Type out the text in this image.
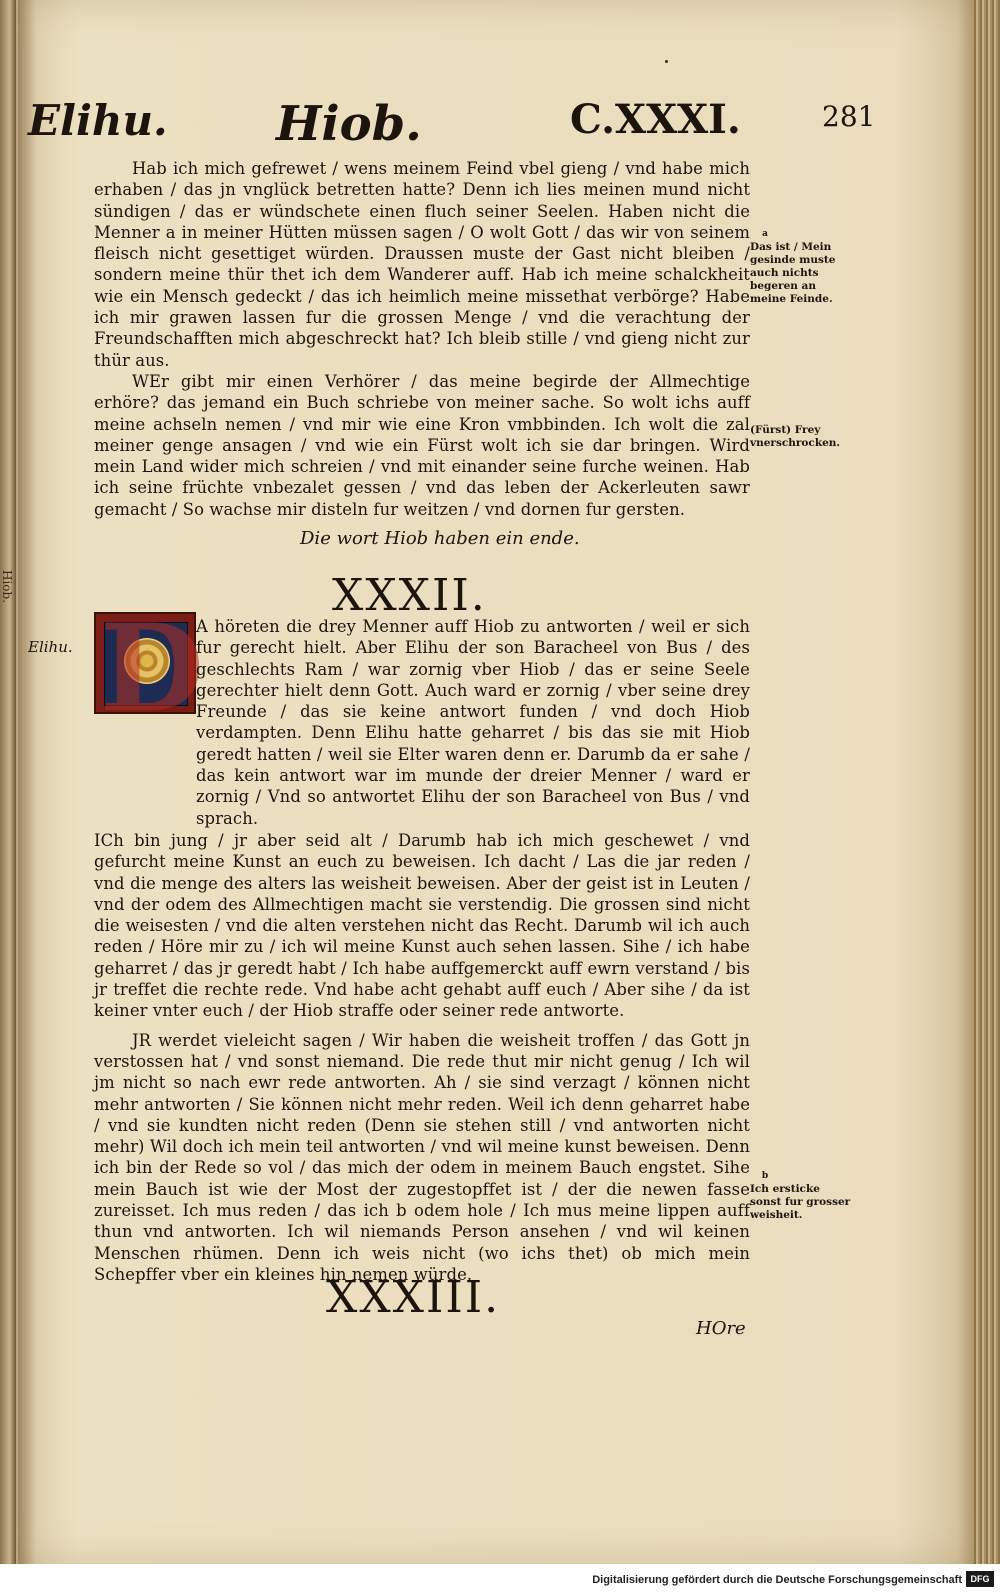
Hiob.
Elihu. Hiob.	C.XXXI.	281

Hab ich mich gefrewet / wens meinem Feind vbel gieng / vnd habe mich erhaben / das jn vnglück betretten hatte? Denn ich lies meinen mund nicht sündigen / das er wündschete einen fluch seiner Seelen. Haben nicht die Menner a in meiner Hütten müssen sagen / O wolt Gott / das wir von seinem fleisch nicht gesettiget würden. Draussen muste der Gast nicht bleiben / sondern meine thür thet ich dem Wanderer auff. Hab ich meine schalckheit wie ein Mensch gedeckt / das ich heimlich meine missethat verbörge? Habe ich mir grawen lassen fur die grossen Menge / vnd die verachtung der Freundschafften mich abgeschreckt hat? Ich bleib stille / vnd gieng nicht zur thür aus.

WEr gibt mir einen Verhörer / das meine begirde der Allmechtige erhöre? das jemand ein Buch schriebe von meiner sache. So wolt ichs auff meine achseln nemen / vnd mir wie eine Kron vmbbinden. Ich wolt die zal meiner genge ansagen / vnd wie ein Fürst wolt ich sie dar bringen. Wird mein Land wider mich schreien / vnd mit einander seine furche weinen. Hab ich seine früchte vnbezalet gessen / vnd das leben der Ackerleuten sawr gemacht / So wachse mir disteln fur weitzen / vnd dornen fur gersten.

a
Das ist / Mein gesinde muste auch nichts begeren an meine Feinde.
(Fürst) Frey vnerschrocken.
Die wort Hiob haben ein ende.
XXXII.
Elihu. D

A höreten die drey Menner auff Hiob zu antworten / weil er sich fur gerecht hielt. Aber Elihu der son Baracheel von Bus / des geschlechts Ram / war zornig vber Hiob / das er seine Seele gerechter hielt denn Gott. Auch ward er zornig / vber seine drey Freunde / das sie keine antwort funden / vnd doch Hiob verdampten. Denn Elihu hatte geharret / bis das sie mit Hiob geredt hatten / weil sie Elter waren denn er. Darumb da er sahe / das kein antwort war im munde der dreier Menner / ward er zornig / Vnd so antwortet Elihu der son Baracheel von Bus / vnd sprach.

ICh bin jung / jr aber seid alt / Darumb hab ich mich geschewet / vnd gefurcht meine Kunst an euch zu beweisen. Ich dacht / Las die jar reden / vnd die menge des alters las weisheit beweisen. Aber der geist ist in Leuten / vnd der odem des Allmechtigen macht sie verstendig. Die grossen sind nicht die weisesten / vnd die alten verstehen nicht das Recht. Darumb wil ich auch reden / Höre mir zu / ich wil meine Kunst auch sehen lassen. Sihe / ich habe geharret / das jr geredt habt / Ich habe auffgemerckt auff ewrn verstand / bis jr treffet die rechte rede. Vnd habe acht gehabt auff euch / Aber sihe / da ist keiner vnter euch / der Hiob straffe oder seiner rede antworte.

JR werdet vieleicht sagen / Wir haben die weisheit troffen / das Gott jn verstossen hat / vnd sonst niemand. Die rede thut mir nicht genug / Ich wil jm nicht so nach ewr rede antworten. Ah / sie sind verzagt / können nicht mehr antworten / Sie können nicht mehr reden. Weil ich denn geharret habe / vnd sie kundten nicht reden (Denn sie stehen still / vnd antworten nicht mehr) Wil doch ich mein teil antworten / vnd wil meine kunst beweisen. Denn ich bin der Rede so vol / das mich der odem in meinem Bauch engstet. Sihe mein Bauch ist wie der Most der zugestopffet ist / der die newen fasse zureisset. Ich mus reden / das ich b odem hole / Ich mus meine lippen auff thun vnd antworten. Ich wil niemands Person ansehen / vnd wil keinen Menschen rhümen. Denn ich weis nicht (wo ichs thet) ob mich mein Schepffer vber ein kleines hin nemen würde.

b
Ich ersticke sonst fur grosser weisheit.
XXXIII.
HOre
Digitalisierung gefördert durch die Deutsche Forschungsgemeinschaft DFG
